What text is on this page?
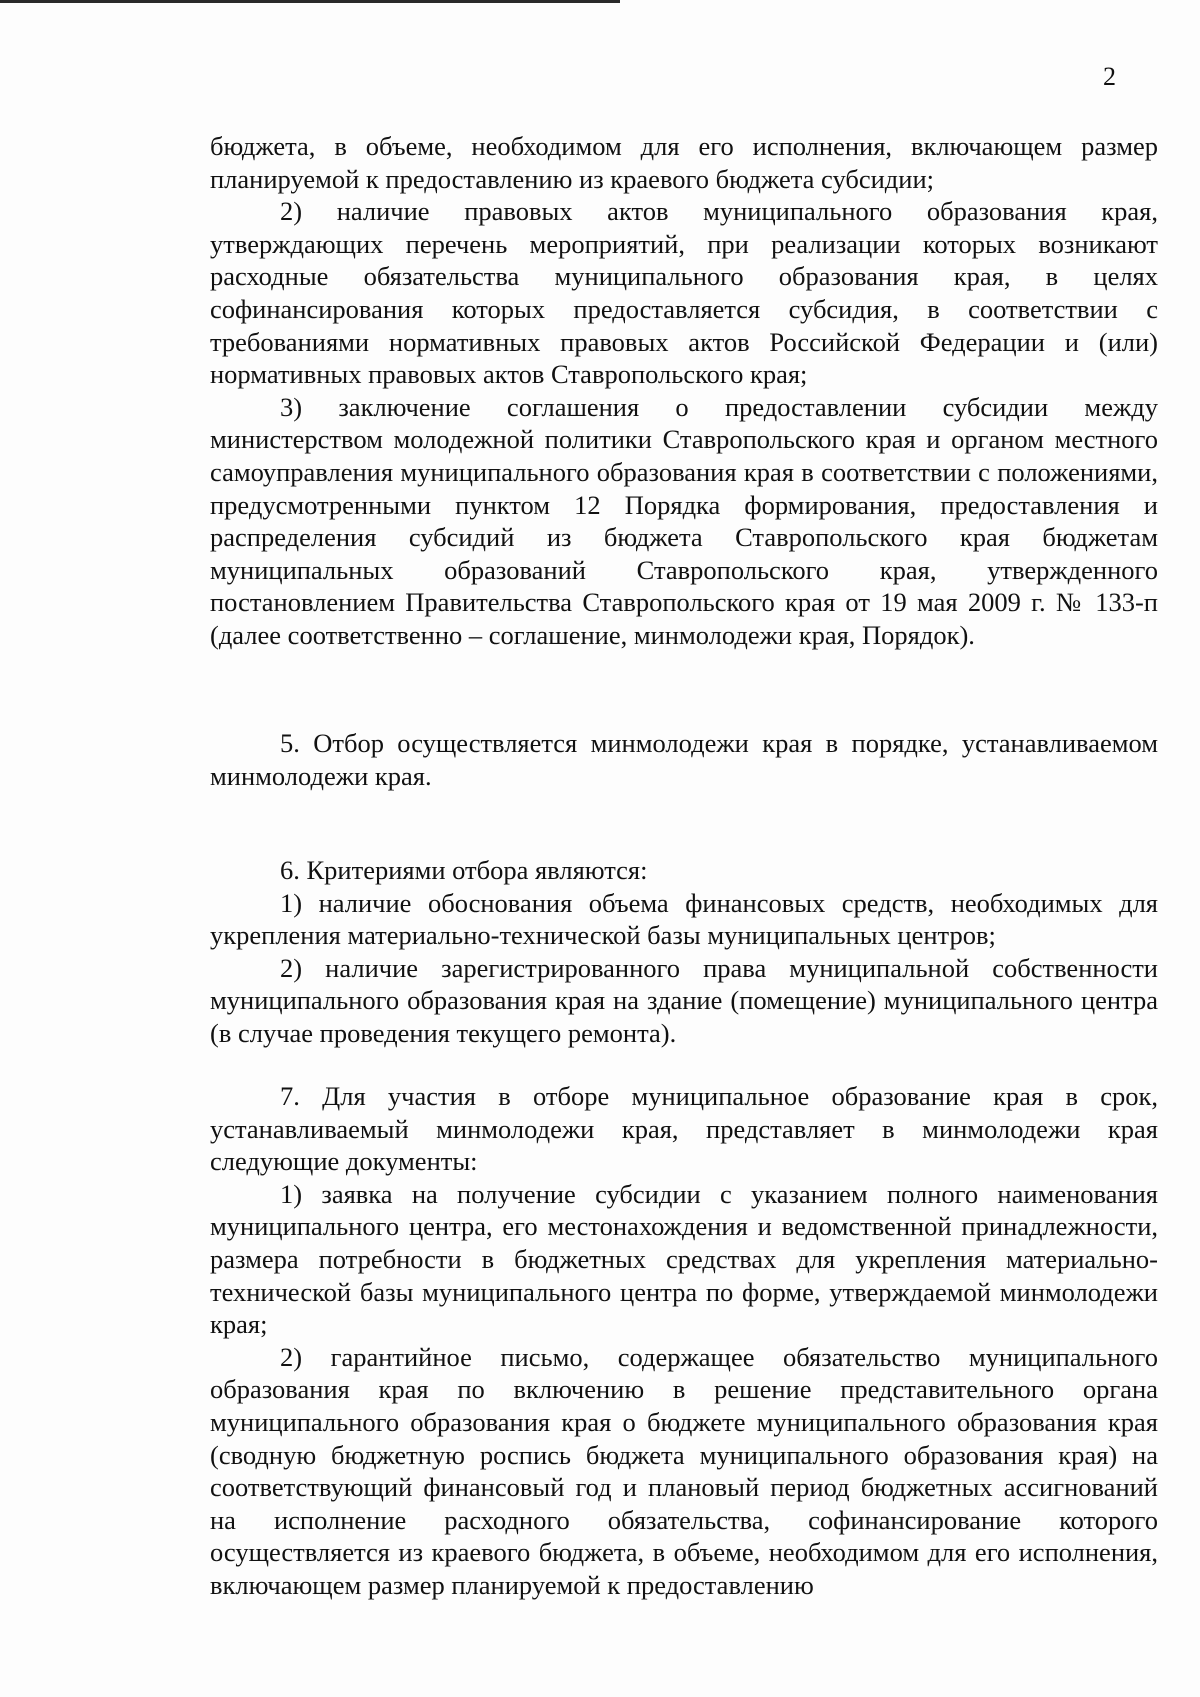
2

бюджета, в объеме, необходимом для его исполнения, включающем размер планируемой к предоставлению из краевого бюджета субсидии;

2) наличие правовых актов муниципального образования края, утверждающих перечень мероприятий, при реализации которых возникают расходные обязательства муниципального образования края, в целях софинансирования которых предоставляется субсидия, в соответствии с требованиями нормативных правовых актов Российской Федерации и (или) нормативных правовых актов Ставропольского края;

3) заключение соглашения о предоставлении субсидии между министерством молодежной политики Ставропольского края и органом местного самоуправления муниципального образования края в соответствии с положениями, предусмотренными пунктом 12 Порядка формирования, предоставления и распределения субсидий из бюджета Ставропольского края бюджетам муниципальных образований Ставропольского края, утвержденного постановлением Правительства Ставропольского края от 19 мая 2009 г. № 133-п (далее соответственно – соглашение, минмолодежи края, Порядок).

5. Отбор осуществляется минмолодежи края в порядке, устанавливаемом минмолодежи края.

6. Критериями отбора являются:

1) наличие обоснования объема финансовых средств, необходимых для укрепления материально-технической базы муниципальных центров;

2) наличие зарегистрированного права муниципальной собственности муниципального образования края на здание (помещение) муниципального центра (в случае проведения текущего ремонта).

7. Для участия в отборе муниципальное образование края в срок, устанавливаемый минмолодежи края, представляет в минмолодежи края следующие документы:

1) заявка на получение субсидии с указанием полного наименования муниципального центра, его местонахождения и ведомственной принадлежности, размера потребности в бюджетных средствах для укрепления материально-технической базы муниципального центра по форме, утверждаемой минмолодежи края;

2) гарантийное письмо, содержащее обязательство муниципального образования края по включению в решение представительного органа муниципального образования края о бюджете муниципального образования края (сводную бюджетную роспись бюджета муниципального образования края) на соответствующий финансовый год и плановый период бюджетных ассигнований на исполнение расходного обязательства, софинансирование которого осуществляется из краевого бюджета, в объеме, необходимом для его исполнения, включающем размер планируемой к предоставлению
